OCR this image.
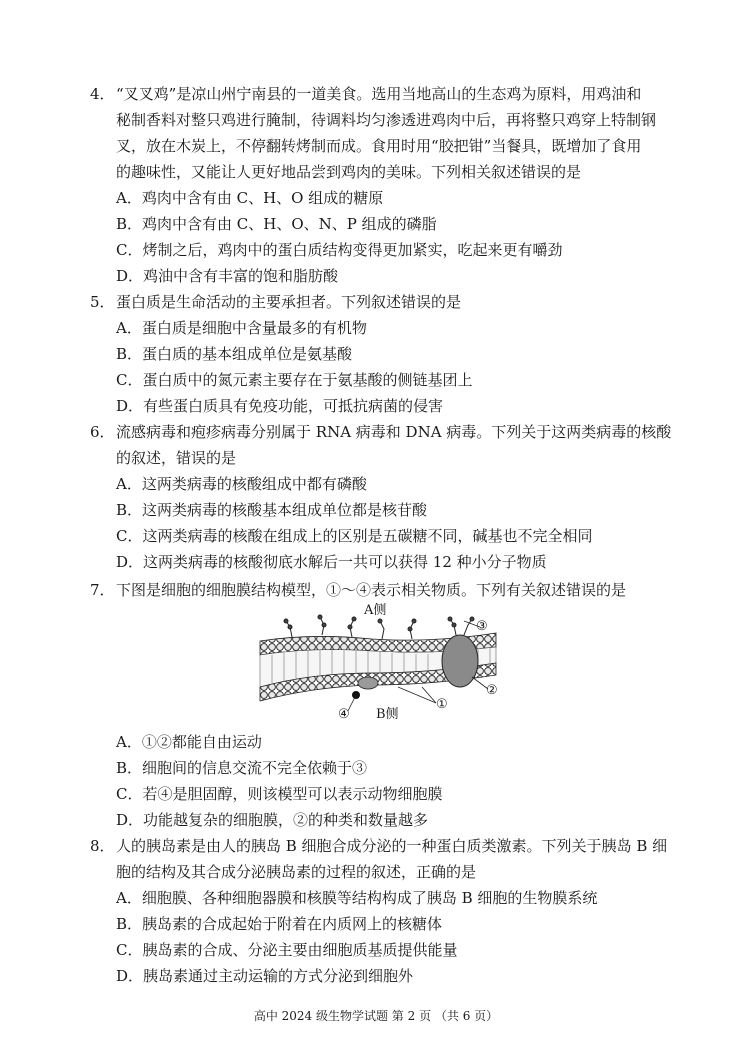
4． “叉叉鸡”是凉山州宁南县的一道美食。选用当地高山的生态鸡为原料，用鸡油和
秘制香料对整只鸡进行腌制，待调料均匀渗透进鸡肉中后，再将整只鸡穿上特制钢
叉，放在木炭上，不停翻转烤制而成。食用时用“胶把钳”当餐具，既增加了食用
的趣味性，又能让人更好地品尝到鸡肉的美味。下列相关叙述错误的是
A．鸡肉中含有由 C、H、O 组成的糖原
B．鸡肉中含有由 C、H、O、N、P 组成的磷脂
C．烤制之后，鸡肉中的蛋白质结构变得更加紧实，吃起来更有嚼劲
D．鸡油中含有丰富的饱和脂肪酸
5． 蛋白质是生命活动的主要承担者。下列叙述错误的是
A．蛋白质是细胞中含量最多的有机物
B．蛋白质的基本组成单位是氨基酸
C．蛋白质中的氮元素主要存在于氨基酸的侧链基团上
D．有些蛋白质具有免疫功能，可抵抗病菌的侵害
6． 流感病毒和疱疹病毒分别属于 RNA 病毒和 DNA 病毒。下列关于这两类病毒的核酸
的叙述，错误的是
A．这两类病毒的核酸组成中都有磷酸
B．这两类病毒的核酸基本组成单位都是核苷酸
C．这两类病毒的核酸在组成上的区别是五碳糖不同，碱基也不完全相同
D．这两类病毒的核酸彻底水解后一共可以获得 12 种小分子物质
7． 下图是细胞的细胞膜结构模型，①～④表示相关物质。下列有关叙述错误的是
A侧
③
②
①
④ B侧
A．①②都能自由运动
B．细胞间的信息交流不完全依赖于③
C．若④是胆固醇，则该模型可以表示动物细胞膜
D．功能越复杂的细胞膜，②的种类和数量越多
8． 人的胰岛素是由人的胰岛 B 细胞合成分泌的一种蛋白质类激素。下列关于胰岛 B 细
胞的结构及其合成分泌胰岛素的过程的叙述，正确的是
A．细胞膜、各种细胞器膜和核膜等结构构成了胰岛 B 细胞的生物膜系统
B．胰岛素的合成起始于附着在内质网上的核糖体
C．胰岛素的合成、分泌主要由细胞质基质提供能量
D．胰岛素通过主动运输的方式分泌到细胞外
高中 2024 级生物学试题 第 2 页 （共 6 页）
